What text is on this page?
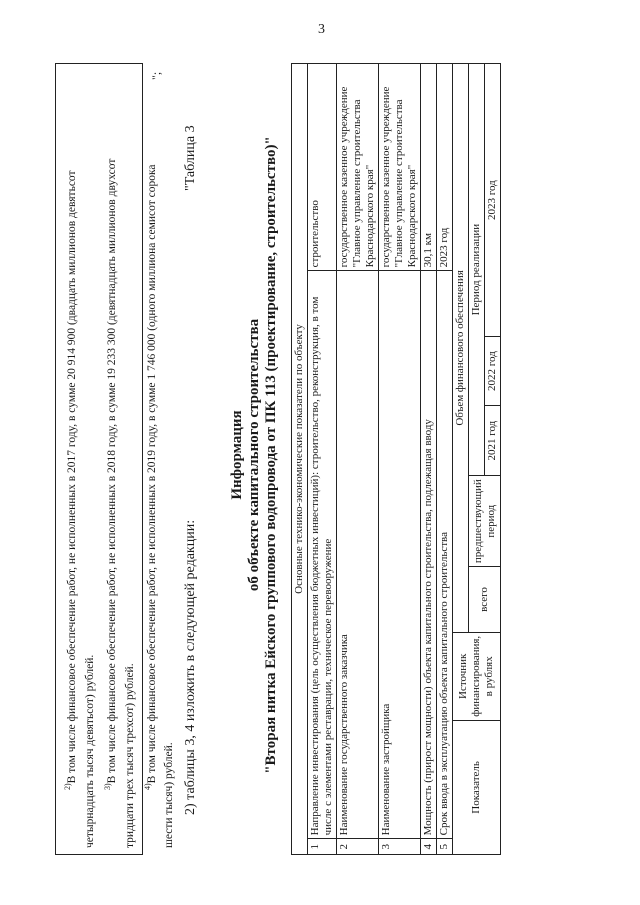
3

$^{2)}$В том числе финансовое обеспечение работ, не исполненных в 2017 году, в сумме 20 914 900 (двадцать миллионов девятьсот четырнадцать тысяч девятьсот) рублей. $^{3)}$В том числе финансовое обеспечение работ, не исполненных в 2018 году, в сумме 19 233 300 (девятнадцать миллионов двухсот тридцати трех тысяч трехсот) рублей. $^{4)}$В том числе финансовое обеспечение работ, не исполненных в 2019 году, в сумме 1 746 000 (одного миллиона семисот сорока

шести тысяч) рублей.

";
2) таблицы 3, 4 изложить в следующей редакции:
"Таблица 3
Информация об объекте капитального строительства "Вторая нитка Ейского группового водопровода от ПК 113 (проектирование, строительство)" Основные технико-экономические показатели по объекту								
1	Направление инвестирования (цель осуществления бюджетных инвестиций): строительство, реконструкция, в том числе с элементами реставрации, техническое перевооружение							строительство
2	Наименование государственного заказчика							государственное казенное учреждение "Главное управление строительства Краснодарского края"
3	Наименование застройщика							государственное казенное учреждение "Главное управление строительства Краснодарского края"
4	Мощность (прирост мощности) объекта капитального строительства, подлежащая вводу							30,1 км
5	Срок ввода в эксплуатацию объекта капитального строительства							2023 год
Показатель		Источник финансирования, в рублях	Объем финансового обеспечения					
			всего	предшествующий период	Период реализации			
					2021 год	2022 год	2023 год	
